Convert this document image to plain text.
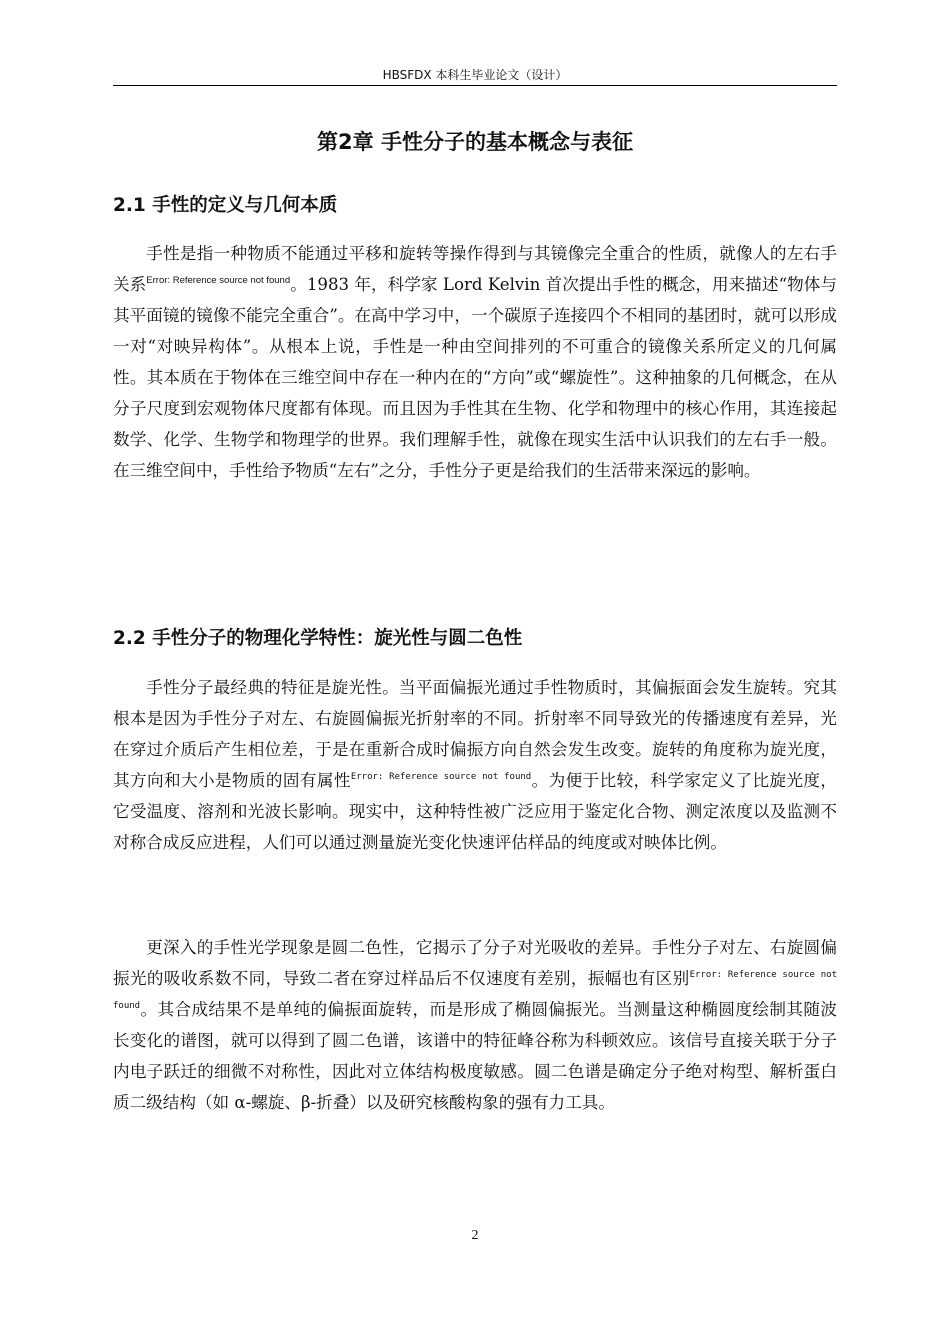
HBSFDX 本科生毕业论文（设计）
第2章 手性分子的基本概念与表征
2.1 手性的定义与几何本质

手性是指一种物质不能通过平移和旋转等操作得到与其镜像完全重合的性质，就像人的左右手关系$^{Error: Reference source not found}$。1983 年，科学家 Lord Kelvin 首次提出手性的概念，用来描述“物体与其平面镜的镜像不能完全重合”。在高中学习中，一个碳原子连接四个不相同的基团时，就可以形成一对“对映异构体”。从根本上说，手性是一种由空间排列的不可重合的镜像关系所定义的几何属性。其本质在于物体在三维空间中存在一种内在的“方向”或“螺旋性”。这种抽象的几何概念，在从分子尺度到宏观物体尺度都有体现。而且因为手性其在生物、化学和物理中的核心作用，其连接起数学、化学、生物学和物理学的世界。我们理解手性，就像在现实生活中认识我们的左右手一般。在三维空间中，手性给予物质“左右”之分，手性分子更是给我们的生活带来深远的影响。

2.2 手性分子的物理化学特性：旋光性与圆二色性

手性分子最经典的特征是旋光性。当平面偏振光通过手性物质时，其偏振面会发生旋转。究其根本是因为手性分子对左、右旋圆偏振光折射率的不同。折射率不同导致光的传播速度有差异，光在穿过介质后产生相位差，于是在重新合成时偏振方向自然会发生改变。旋转的角度称为旋光度，其方向和大小是物质的固有属性$^{Error: Reference source not found}$。为便于比较，科学家定义了比旋光度，它受温度、溶剂和光波长影响。现实中，这种特性被广泛应用于鉴定化合物、测定浓度以及监测不对称合成反应进程，人们可以通过测量旋光变化快速评估样品的纯度或对映体比例。

更深入的手性光学现象是圆二色性，它揭示了分子对光吸收的差异。手性分子对左、右旋圆偏振光的吸收系数不同，导致二者在穿过样品后不仅速度有差别，振幅也有区别$^{Error: Reference source not found}$。其合成结果不是单纯的偏振面旋转，而是形成了椭圆偏振光。当测量这种椭圆度绘制其随波长变化的谱图，就可以得到了圆二色谱，该谱中的特征峰谷称为科顿效应。该信号直接关联于分子内电子跃迁的细微不对称性，因此对立体结构极度敏感。圆二色谱是确定分子绝对构型、解析蛋白质二级结构（如 α-螺旋、β-折叠）以及研究核酸构象的强有力工具。

2
